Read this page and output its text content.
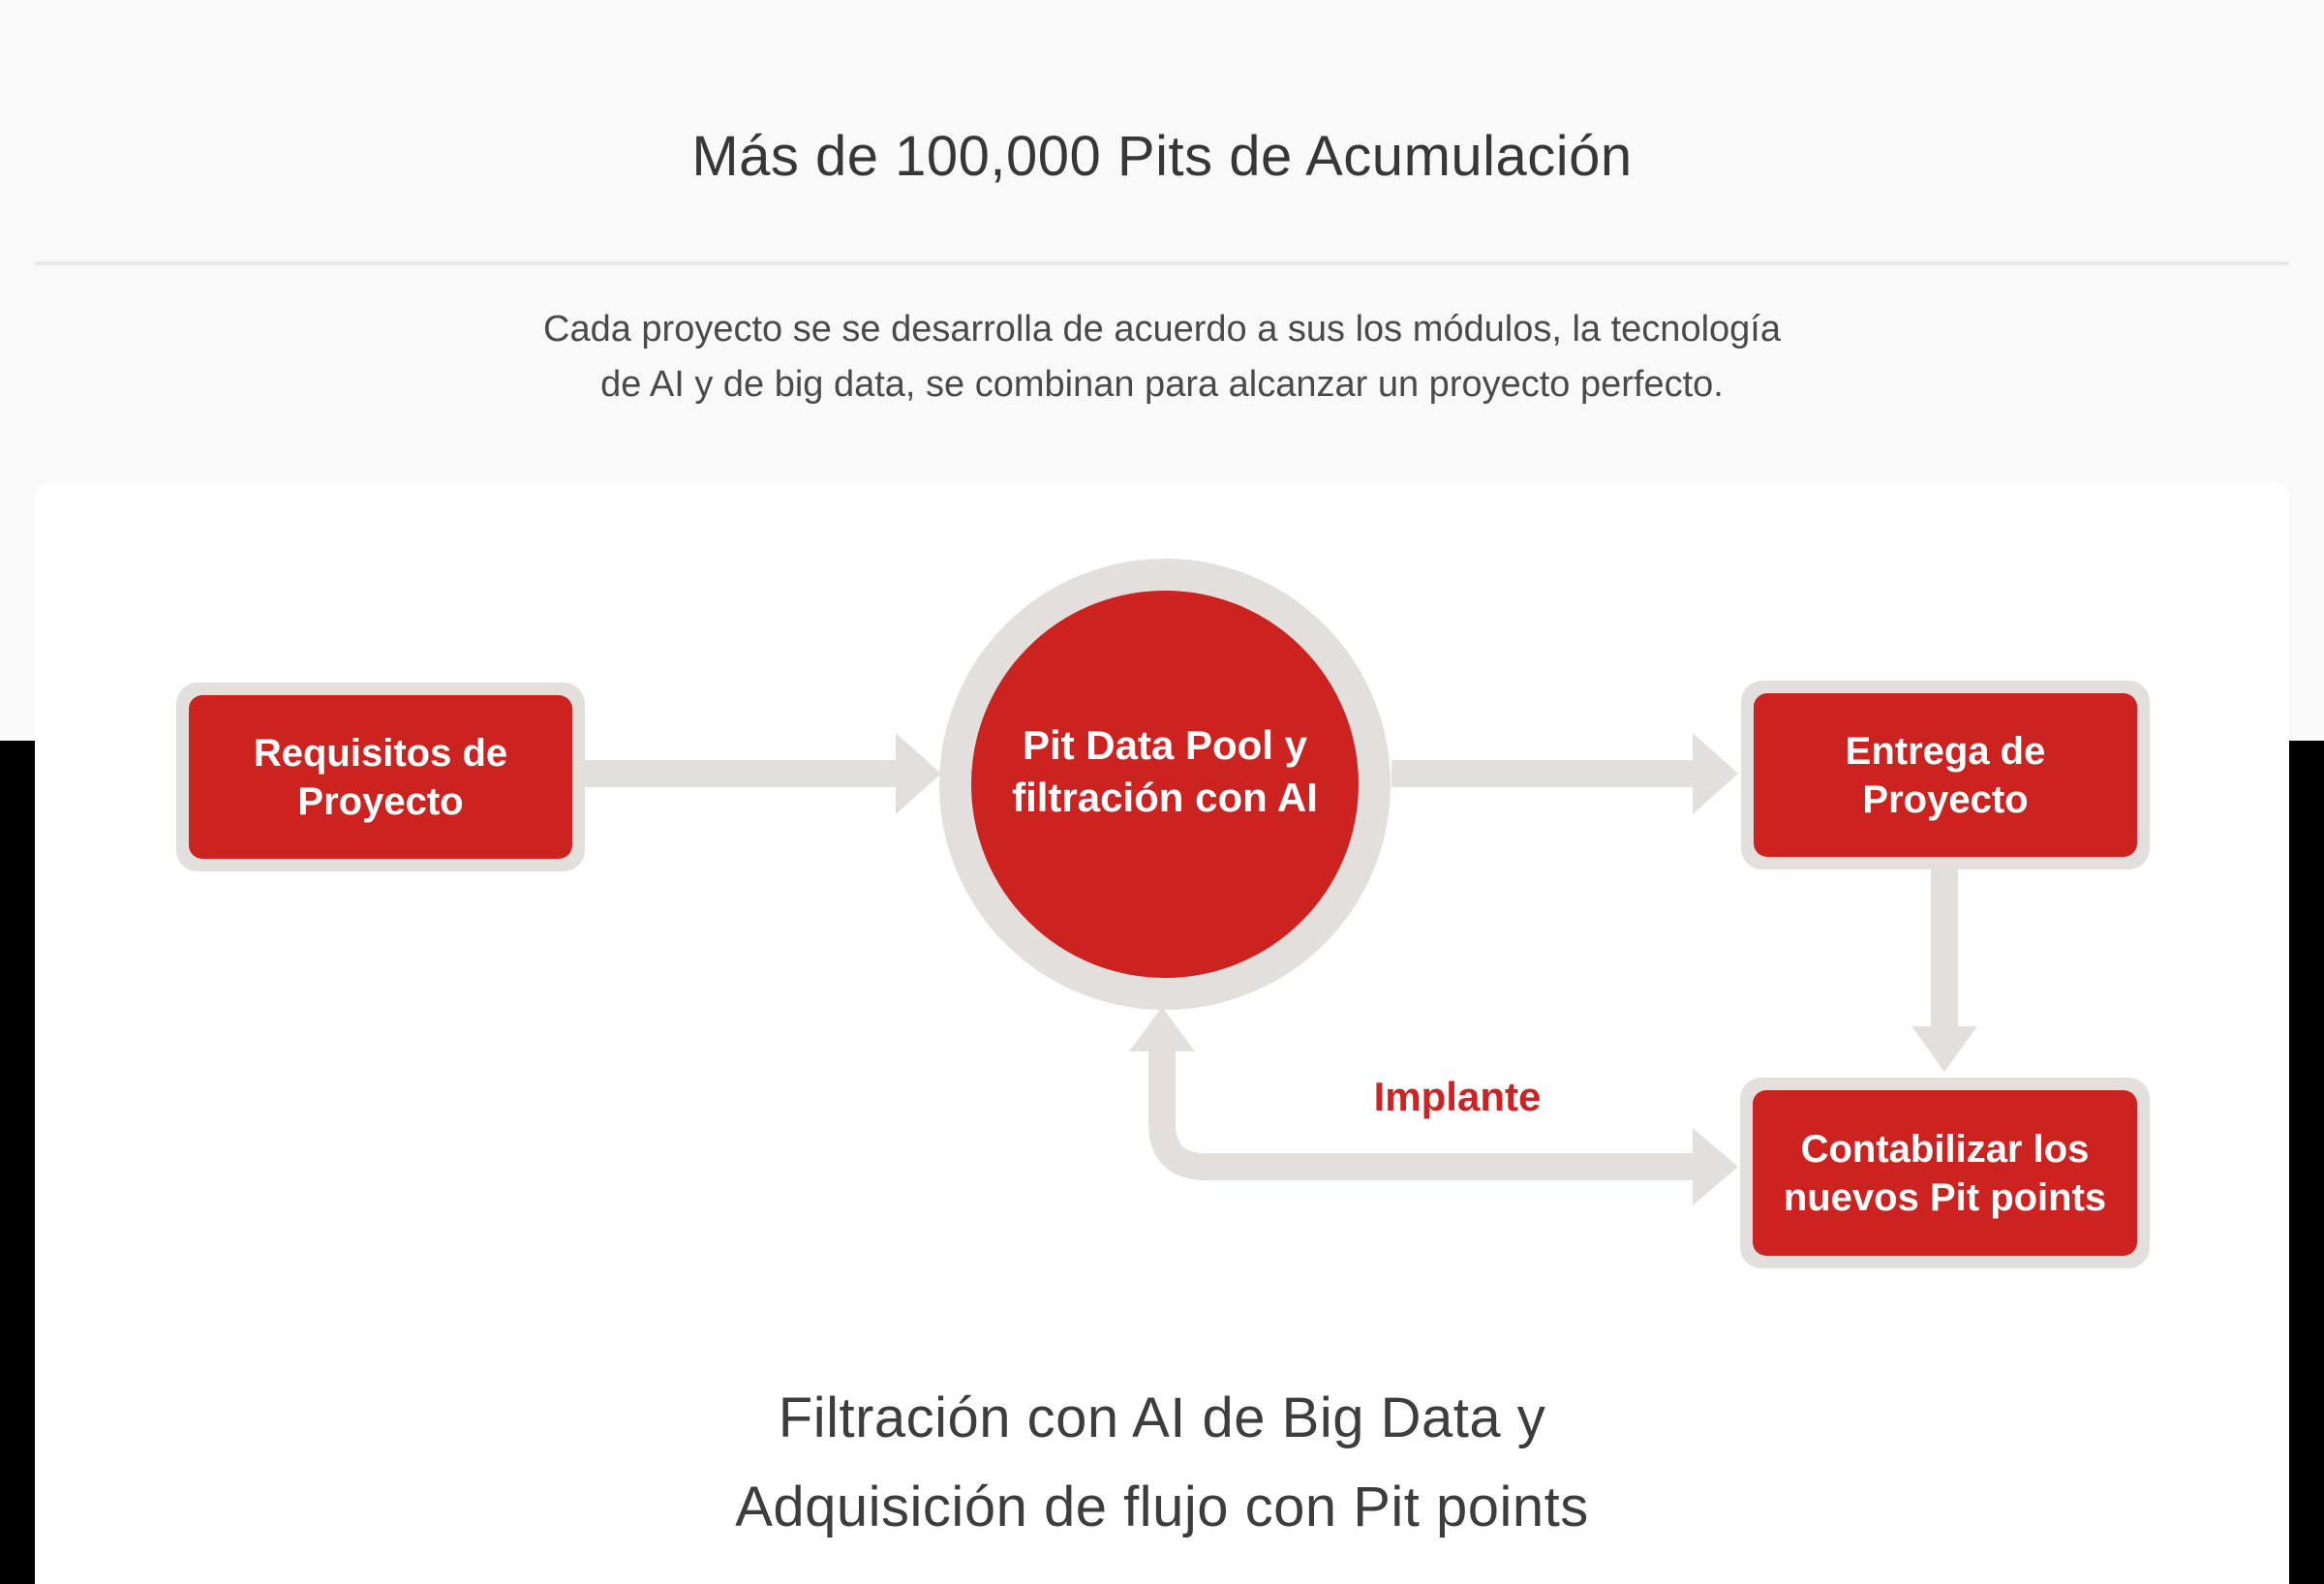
Más de 100,000 Pits de Acumulación
Cada proyecto se se desarrolla de acuerdo a sus los módulos, la tecnología
de AI y de big data, se combinan para alcanzar un proyecto perfecto.
Requisitos de
Proyecto
Pit Data Pool y
filtración con AI
Entrega de
Proyecto
Contabilizar los
nuevos Pit points
Implante
Filtración con AI de Big Data y
Adquisición de flujo con Pit points
